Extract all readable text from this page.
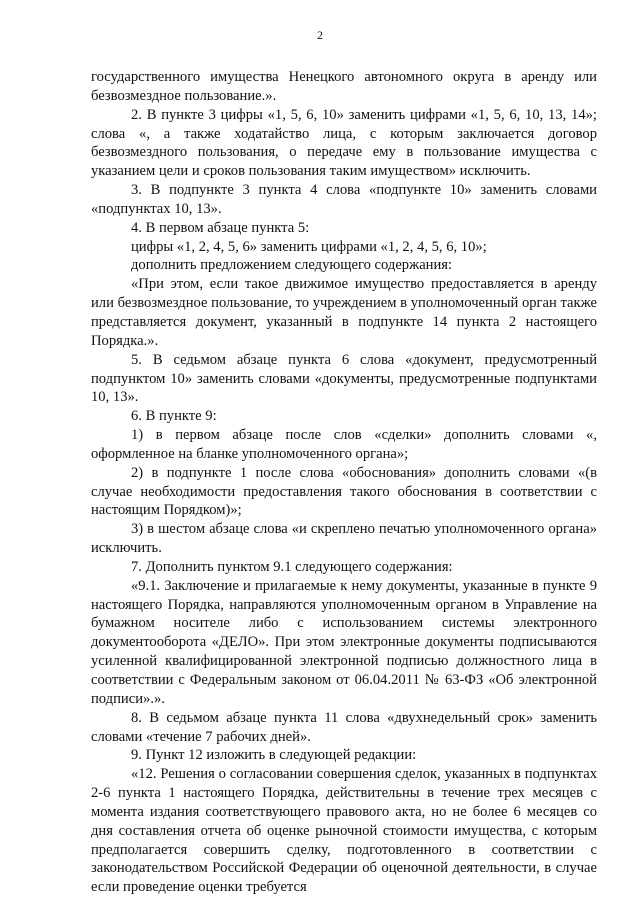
2

государственного имущества Ненецкого автономного округа в аренду или безвозмездное пользование.».

2. В пункте 3 цифры «1, 5, 6, 10» заменить цифрами «1, 5, 6, 10, 13, 14»; слова «, а также ходатайство лица, с которым заключается договор безвозмездного пользования, о передаче ему в пользование имущества с указанием цели и сроков пользования таким имуществом» исключить.

3. В подпункте 3 пункта 4 слова «подпункте 10» заменить словами «подпунктах 10, 13».

4. В первом абзаце пункта 5:

цифры «1, 2, 4, 5, 6» заменить цифрами «1, 2, 4, 5, 6, 10»;

дополнить предложением следующего содержания:

«При этом, если такое движимое имущество предоставляется в аренду или безвозмездное пользование, то учреждением в уполномоченный орган также представляется документ, указанный в подпункте 14 пункта 2 настоящего Порядка.».

5. В седьмом абзаце пункта 6 слова «документ, предусмотренный подпунктом 10» заменить словами «документы, предусмотренные подпунктами 10, 13».

6. В пункте 9:

1) в первом абзаце после слов «сделки» дополнить словами «, оформленное на бланке уполномоченного органа»;

2) в подпункте 1 после слова «обоснования» дополнить словами «(в случае необходимости предоставления такого обоснования в соответствии с настоящим Порядком)»;

3) в шестом абзаце слова «и скреплено печатью уполномоченного органа» исключить.

7. Дополнить пунктом 9.1 следующего содержания:

«9.1. Заключение и прилагаемые к нему документы, указанные в пункте 9 настоящего Порядка, направляются уполномоченным органом в Управление на бумажном носителе либо с использованием системы электронного документооборота «ДЕЛО». При этом электронные документы подписываются усиленной квалифицированной электронной подписью должностного лица в соответствии с Федеральным законом от 06.04.2011 № 63-ФЗ «Об электронной подписи».».

8. В седьмом абзаце пункта 11 слова «двухнедельный срок» заменить словами «течение 7 рабочих дней».

9. Пункт 12 изложить в следующей редакции:

«12. Решения о согласовании совершения сделок, указанных в подпунктах 2-6 пункта 1 настоящего Порядка, действительны в течение трех месяцев с момента издания соответствующего правового акта, но не более 6 месяцев со дня составления отчета об оценке рыночной стоимости имущества, с которым предполагается совершить сделку, подготовленного в соответствии с законодательством Российской Федерации об оценочной деятельности, в случае если проведение оценки требуется
